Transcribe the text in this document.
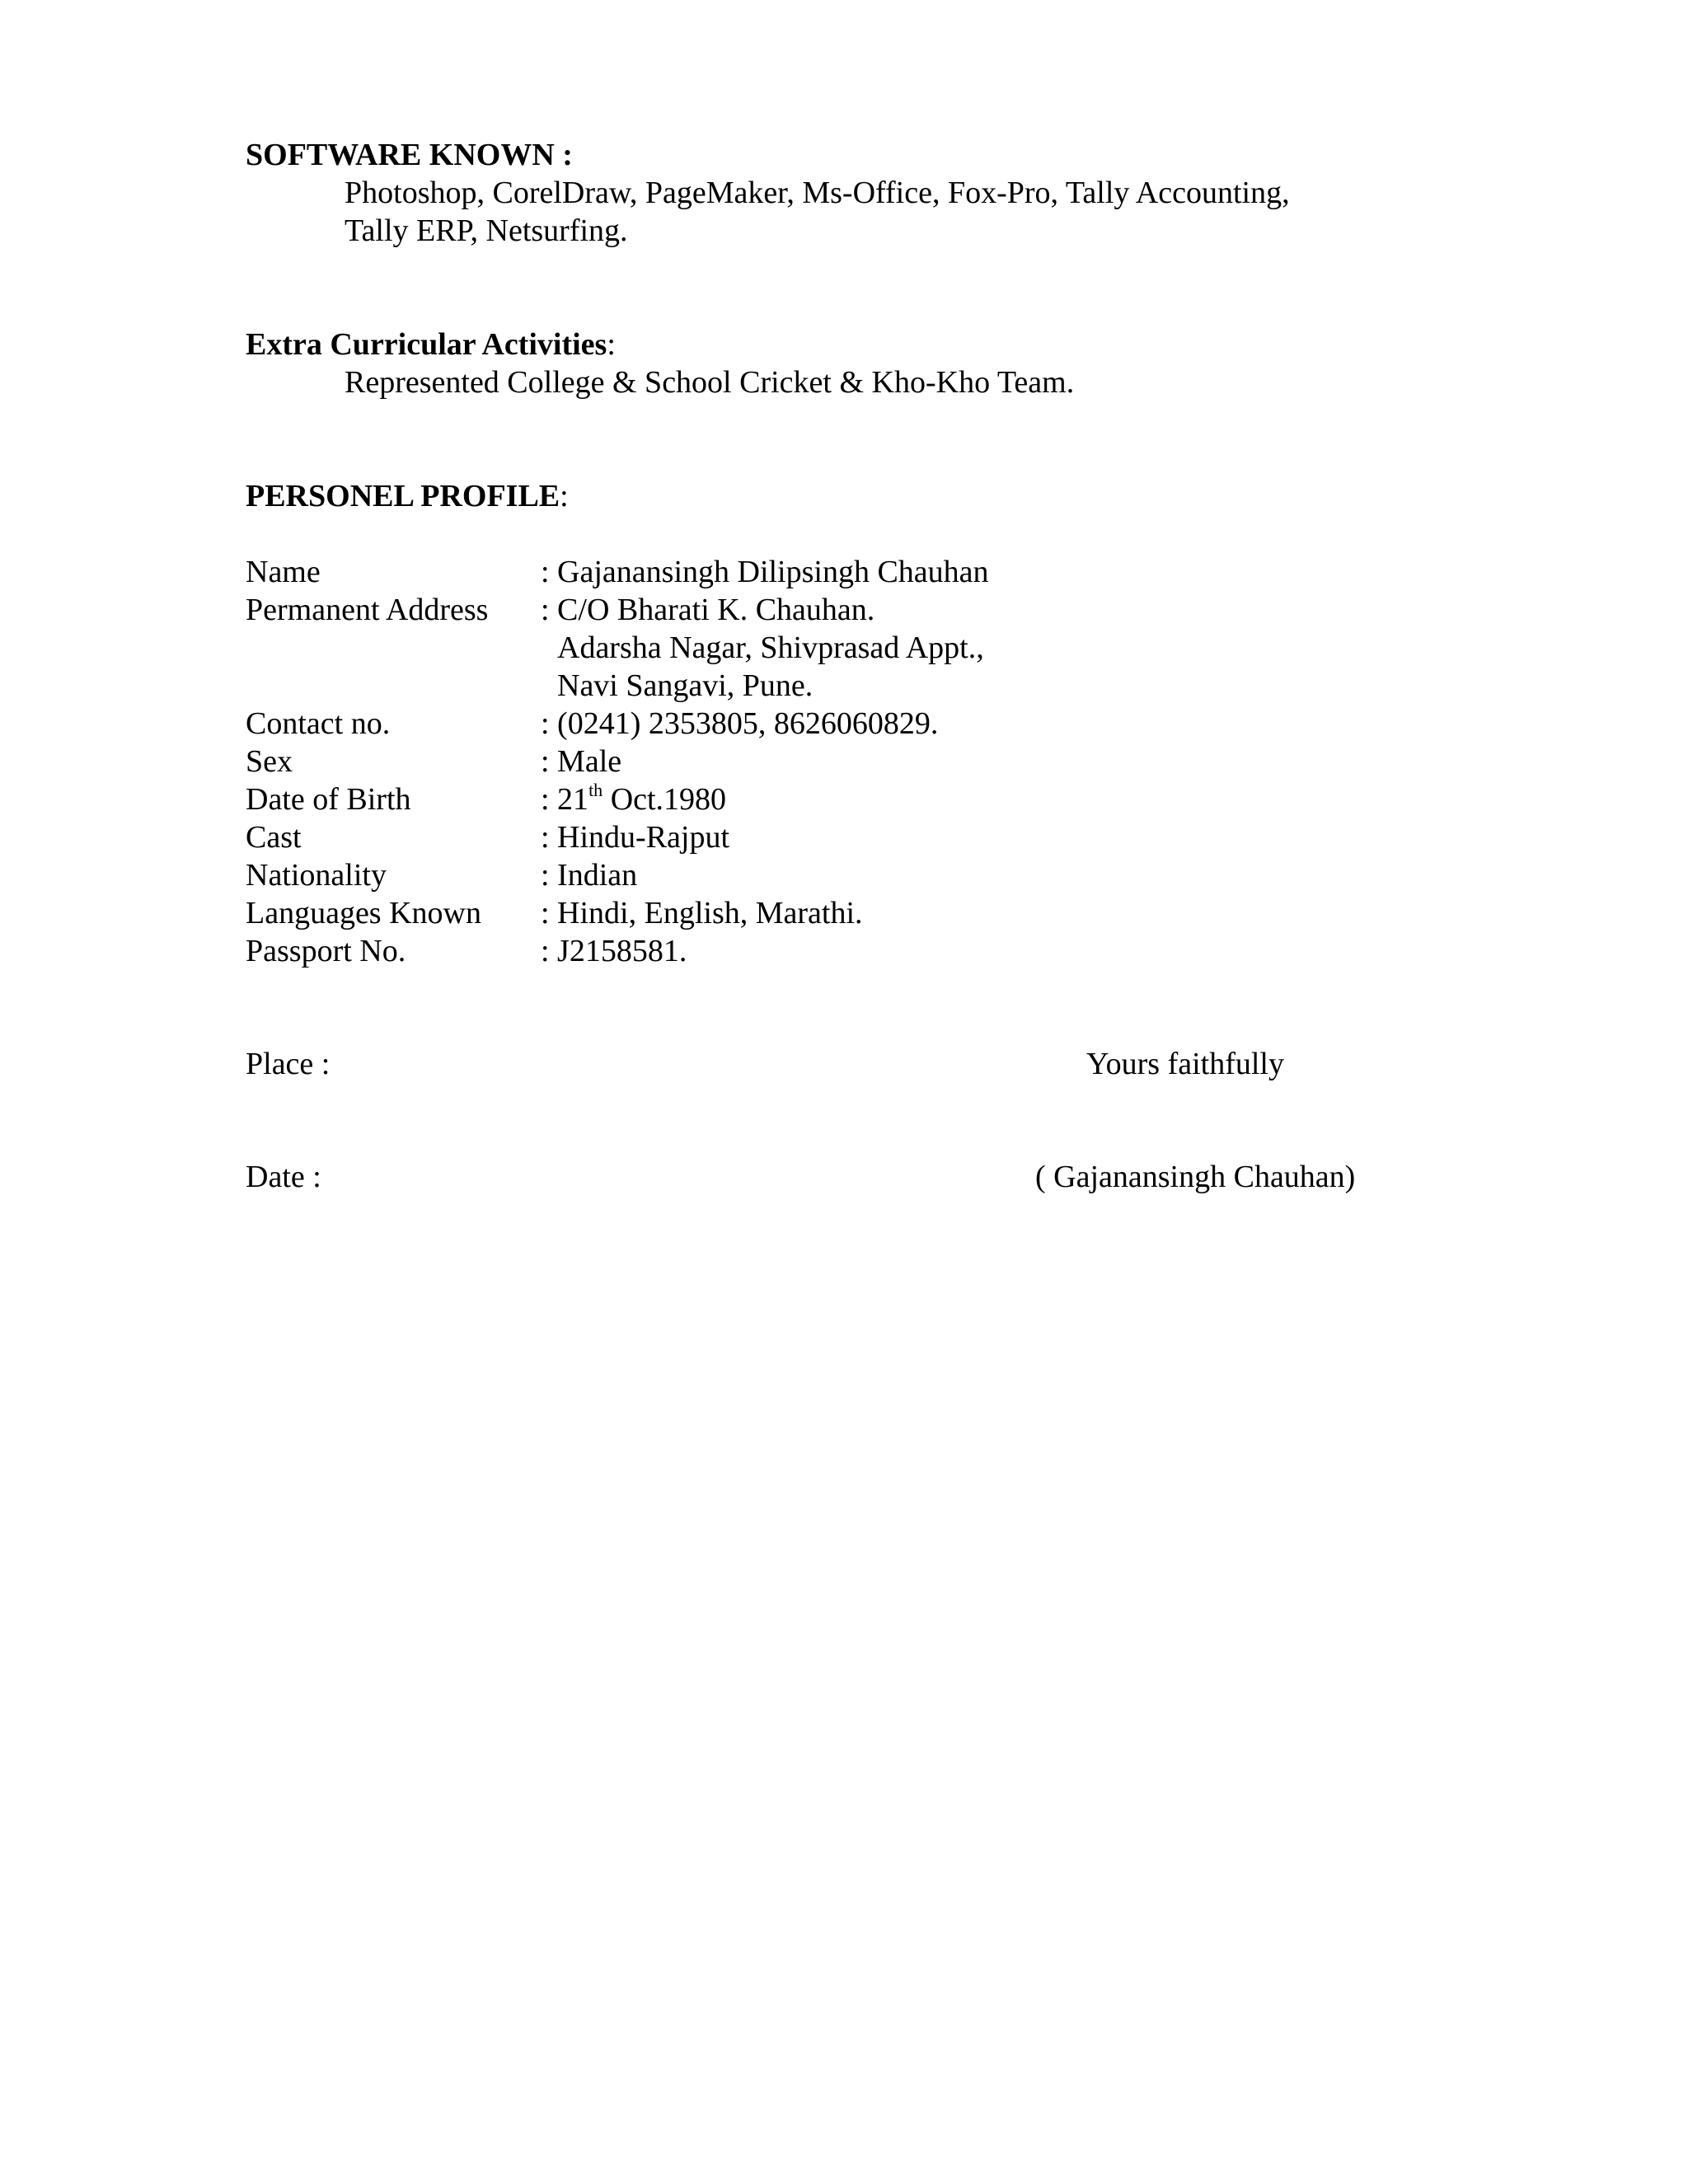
SOFTWARE KNOWN :
Photoshop, CorelDraw, PageMaker, Ms-Office, Fox-Pro, Tally Accounting,
Tally ERP, Netsurfing.
Extra Curricular Activities:
Represented College & School Cricket & Kho-Kho Team.
PERSONEL PROFILE:
Name	: Gajanansingh Dilipsingh Chauhan
Permanent Address : C/O Bharati K. Chauhan.
Adarsha Nagar, Shivprasad Appt.,
Navi Sangavi, Pune.
Contact no.	: (0241) 2353805, 8626060829.
Sex	: Male
Date of Birth	: 21th Oct.1980
Cast	: Hindu-Rajput
Nationality	: Indian
Languages Known : Hindi, English, Marathi.
Passport No.	: J2158581.
Place :	Yours faithfully
Date :	( Gajanansingh Chauhan)
